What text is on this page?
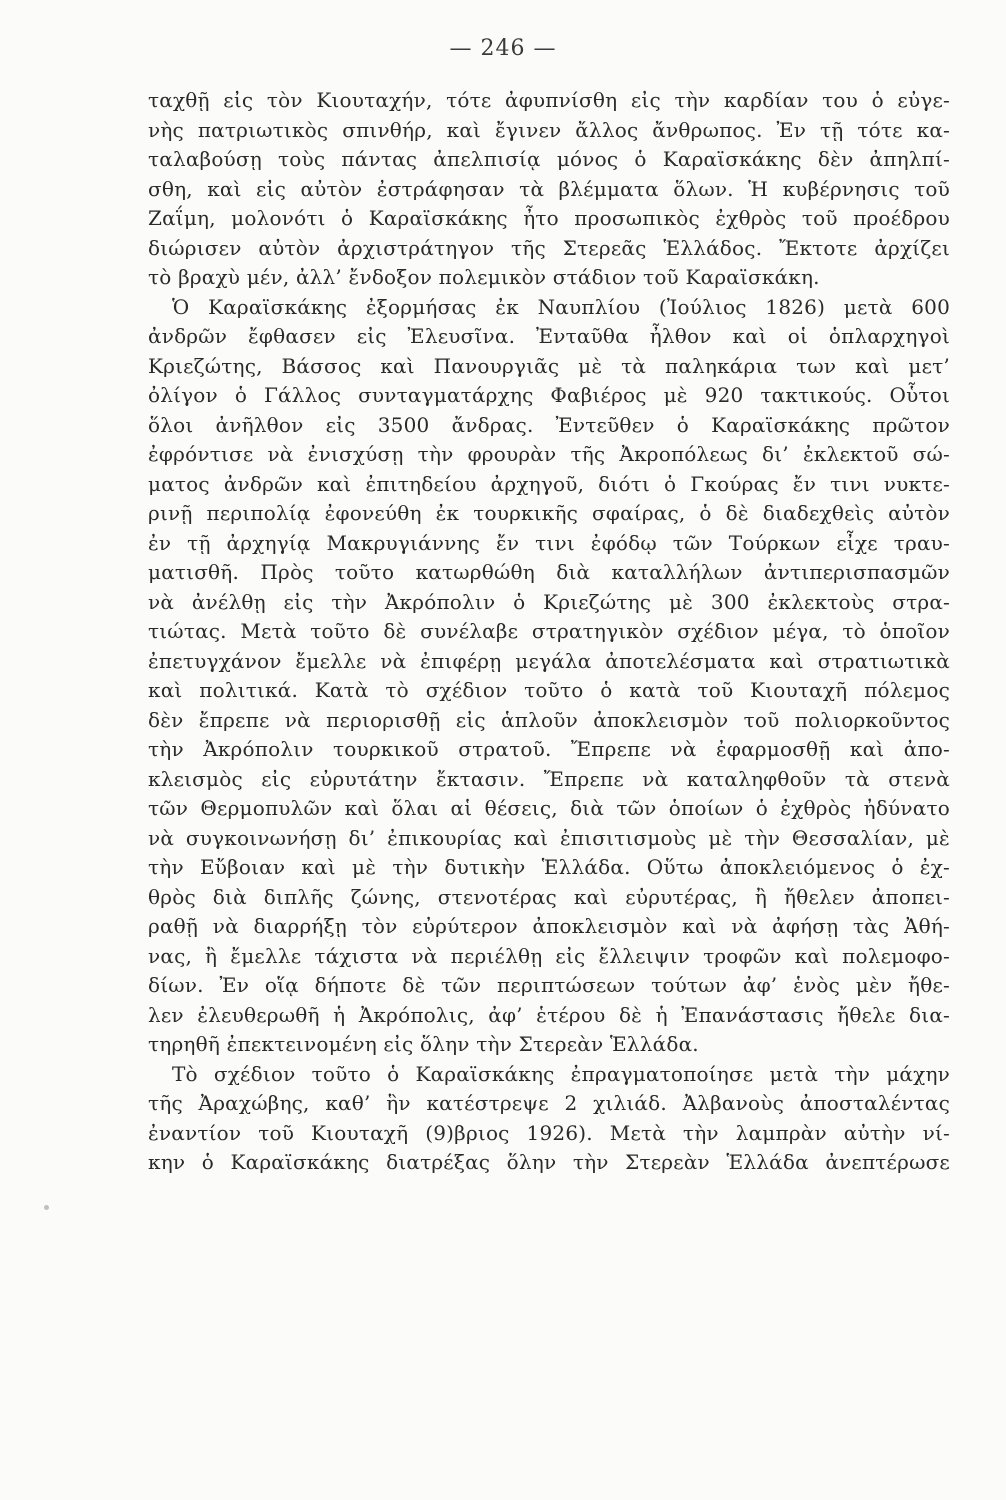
— 246 —
ταχθῇ εἰς τὸν Κιουταχήν, τότε ἀφυπνίσθη εἰς τὴν καρδίαν του ὁ εὐγε-
νὴς πατριωτικὸς σπινθήρ, καὶ ἔγινεν ἄλλος ἄνθρωπος. Ἐν τῇ τότε κα-
ταλαβούσῃ τοὺς πάντας ἀπελπισίᾳ μόνος ὁ Καραϊσκάκης δὲν ἀπηλπί-
σθη, καὶ εἰς αὐτὸν ἐστράφησαν τὰ βλέμματα ὅλων. Ἡ κυβέρνησις τοῦ
Ζαΐμη, μολονότι ὁ Καραϊσκάκης ἦτο προσωπικὸς ἐχθρὸς τοῦ προέδρου
διώρισεν αὐτὸν ἀρχιστράτηγον τῆς Στερεᾶς Ἑλλάδος. Ἔκτοτε ἀρχίζει
τὸ βραχὺ μέν, ἀλλ’ ἔνδοξον πολεμικὸν στάδιον τοῦ Καραϊσκάκη.
Ὁ Καραϊσκάκης ἐξορμήσας ἐκ Ναυπλίου (Ἰούλιος 1826) μετὰ 600
ἀνδρῶν ἔφθασεν εἰς Ἐλευσῖνα. Ἐνταῦθα ἦλθον καὶ οἱ ὁπλαρχηγοὶ
Κριεζώτης, Βάσσος καὶ Πανουργιᾶς μὲ τὰ παληκάρια των καὶ μετ’
ὀλίγον ὁ Γάλλος συνταγματάρχης Φαβιέρος μὲ 920 τακτικούς. Οὗτοι
ὅλοι ἀνῆλθον εἰς 3500 ἄνδρας. Ἐντεῦθεν ὁ Καραϊσκάκης πρῶτον
ἐφρόντισε νὰ ἐνισχύσῃ τὴν φρουρὰν τῆς Ἀκροπόλεως δι’ ἐκλεκτοῦ σώ-
ματος ἀνδρῶν καὶ ἐπιτηδείου ἀρχηγοῦ, διότι ὁ Γκούρας ἔν τινι νυκτε-
ρινῇ περιπολίᾳ ἐφονεύθη ἐκ τουρκικῆς σφαίρας, ὁ δὲ διαδεχθεὶς αὐτὸν
ἐν τῇ ἀρχηγίᾳ Μακρυγιάννης ἔν τινι ἐφόδῳ τῶν Τούρκων εἶχε τραυ-
ματισθῆ. Πρὸς τοῦτο κατωρθώθη διὰ καταλλήλων ἀντιπερισπασμῶν
νὰ ἀνέλθῃ εἰς τὴν Ἀκρόπολιν ὁ Κριεζώτης μὲ 300 ἐκλεκτοὺς στρα-
τιώτας. Μετὰ τοῦτο δὲ συνέλαβε στρατηγικὸν σχέδιον μέγα, τὸ ὁποῖον
ἐπετυγχάνον ἔμελλε νὰ ἐπιφέρῃ μεγάλα ἀποτελέσματα καὶ στρατιωτικὰ
καὶ πολιτικά. Κατὰ τὸ σχέδιον τοῦτο ὁ κατὰ τοῦ Κιουταχῆ πόλεμος
δὲν ἔπρεπε νὰ περιορισθῇ εἰς ἁπλοῦν ἀποκλεισμὸν τοῦ πολιορκοῦντος
τὴν Ἀκρόπολιν τουρκικοῦ στρατοῦ. Ἔπρεπε νὰ ἐφαρμοσθῇ καὶ ἀπο-
κλεισμὸς εἰς εὐρυτάτην ἔκτασιν. Ἔπρεπε νὰ καταληφθοῦν τὰ στενὰ
τῶν Θερμοπυλῶν καὶ ὅλαι αἱ θέσεις, διὰ τῶν ὁποίων ὁ ἐχθρὸς ἠδύνατο
νὰ συγκοινωνήσῃ δι’ ἐπικουρίας καὶ ἐπισιτισμοὺς μὲ τὴν Θεσσαλίαν, μὲ
τὴν Εὔβοιαν καὶ μὲ τὴν δυτικὴν Ἑλλάδα. Οὕτω ἀποκλειόμενος ὁ ἐχ-
θρὸς διὰ διπλῆς ζώνης, στενοτέρας καὶ εὐρυτέρας, ἢ ἤθελεν ἀποπει-
ραθῇ νὰ διαρρήξῃ τὸν εὐρύτερον ἀποκλεισμὸν καὶ νὰ ἀφήσῃ τὰς Ἀθή-
νας, ἢ ἔμελλε τάχιστα νὰ περιέλθῃ εἰς ἔλλειψιν τροφῶν καὶ πολεμοφο-
δίων. Ἐν οἵᾳ δήποτε δὲ τῶν περιπτώσεων τούτων ἀφ’ ἑνὸς μὲν ἤθε-
λεν ἐλευθερωθῆ ἡ Ἀκρόπολις, ἀφ’ ἑτέρου δὲ ἡ Ἐπανάστασις ἤθελε δια-
τηρηθῆ ἐπεκτεινομένη εἰς ὅλην τὴν Στερεὰν Ἑλλάδα.
Τὸ σχέδιον τοῦτο ὁ Καραϊσκάκης ἐπραγματοποίησε μετὰ τὴν μάχην
τῆς Ἀραχώβης, καθ’ ἣν κατέστρεψε 2 χιλιάδ. Ἀλβανοὺς ἀποσταλέντας
ἐναντίον τοῦ Κιουταχῆ (9)βριος 1926). Μετὰ τὴν λαμπρὰν αὐτὴν νί-
κην ὁ Καραϊσκάκης διατρέξας ὅλην τὴν Στερεὰν Ἑλλάδα ἀνεπτέρωσε
